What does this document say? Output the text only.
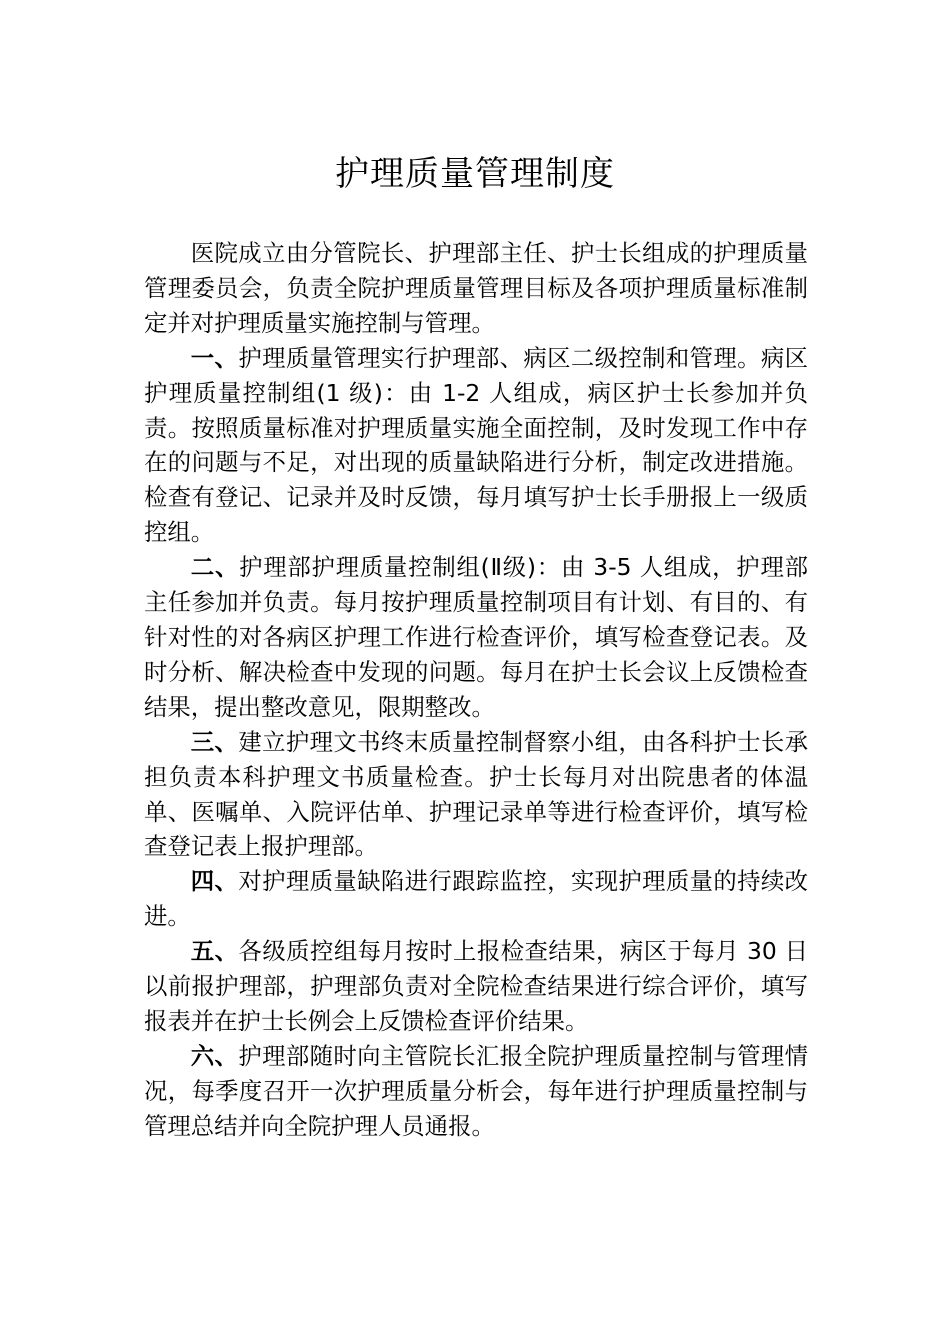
护理质量管理制度

医院成立由分管院长、护理部主任、护士长组成的护理质量管理委员会，负责全院护理质量管理目标及各项护理质量标准制定并对护理质量实施控制与管理。

一、护理质量管理实行护理部、病区二级控制和管理。病区护理质量控制组(1 级)：由 1-2 人组成，病区护士长参加并负责。按照质量标准对护理质量实施全面控制，及时发现工作中存在的问题与不足，对出现的质量缺陷进行分析，制定改进措施。检查有登记、记录并及时反馈，每月填写护士长手册报上一级质控组。

二、护理部护理质量控制组(Ⅱ级)：由 3-5 人组成，护理部主任参加并负责。每月按护理质量控制项目有计划、有目的、有针对性的对各病区护理工作进行检查评价，填写检查登记表。及时分析、解决检查中发现的问题。每月在护士长会议上反馈检查结果，提出整改意见，限期整改。

三、建立护理文书终末质量控制督察小组，由各科护士长承担负责本科护理文书质量检查。护士长每月对出院患者的体温单、医嘱单、入院评估单、护理记录单等进行检查评价，填写检查登记表上报护理部。

四、对护理质量缺陷进行跟踪监控，实现护理质量的持续改进。

五、各级质控组每月按时上报检查结果，病区于每月 30 日以前报护理部，护理部负责对全院检查结果进行综合评价，填写报表并在护士长例会上反馈检查评价结果。

六、护理部随时向主管院长汇报全院护理质量控制与管理情况，每季度召开一次护理质量分析会，每年进行护理质量控制与管理总结并向全院护理人员通报。
